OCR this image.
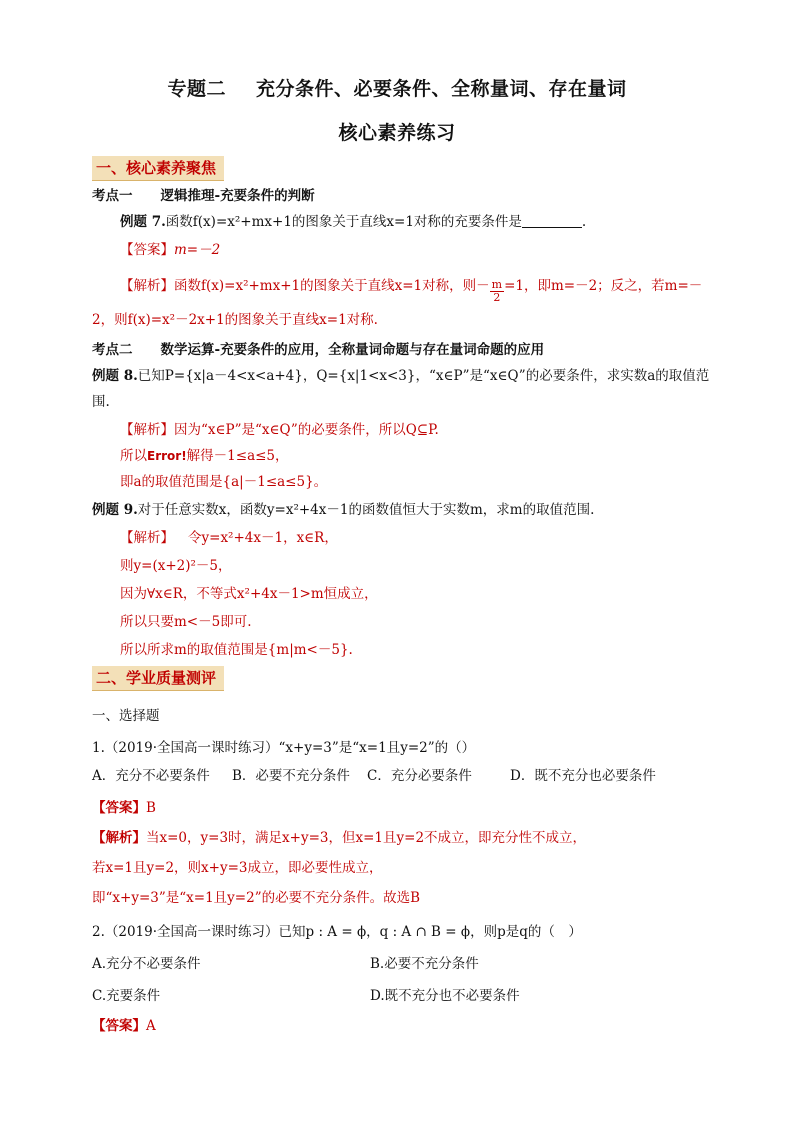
专题二 充分条件、必要条件、全称量词、存在量词
核心素养练习
一、核心素养聚焦
考点一 逻辑推理-充要条件的判断
例题 7.函数f(x)=x²+mx+1的图象关于直线x=1对称的充要条件是	.
【答案】m=－2
【解析】函数f(x)=x²+mx+1的图象关于直线x=1对称，则－ $\frac{m}{2} =1$，即m=－2；反之，若m=－
2，则f(x)=x²－2x+1的图象关于直线x=1对称.
考点二 数学运算-充要条件的应用，全称量词命题与存在量词命题的应用
例题 8.已知P={x|a－4<x<a+4}，Q={x|1<x<3}，“x∈P”是“x∈Q”的必要条件，求实数a的取值范
围.
【解析】因为“x∈P”是“x∈Q”的必要条件，所以Q⊆P.
所以Error!解得－1≤a≤5，
即a的取值范围是{a|－1≤a≤5}。
例题 9.对于任意实数x，函数y=x²+4x－1的函数值恒大于实数m，求m的取值范围.
【解析】 令y=x²+4x－1，x∈R，
则y=(x+2)²－5，
因为∀x∈R，不等式x²+4x－1>m恒成立，
所以只要m<－5即可.
所以所求m的取值范围是{m|m<－5}.
二、学业质量测评
一、选择题
1.（2019·全国高一课时练习）“x+y=3”是“x=1且y=2”的（）
A．充分不必要条件 B．必要不充分条件 C．充分必要条件	D．既不充分也必要条件
【答案】B
【解析】当x=0，y=3时，满足x+y=3，但x=1且y=2不成立，即充分性不成立，
若x=1且y=2，则x+y=3成立，即必要性成立，
即“x+y=3”是“x=1且y=2”的必要不充分条件。故选B
2.（2019·全国高一课时练习）已知p : A = ϕ，q : A ∩ B = ϕ，则p是q的（　）
A.充分不必要条件	B.必要不充分条件
C.充要条件	D.既不充分也不必要条件
【答案】A
